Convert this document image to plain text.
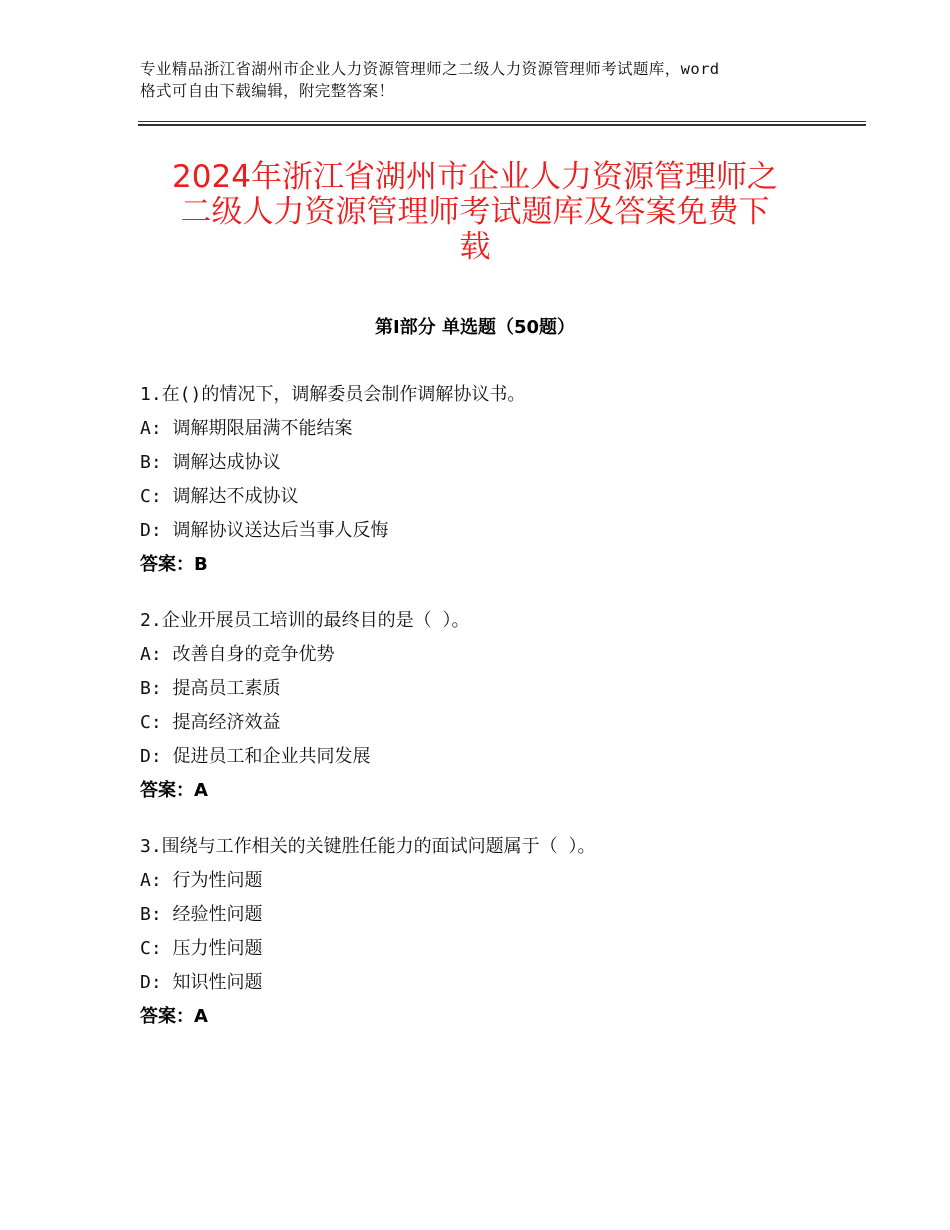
专业精品浙江省湖州市企业人力资源管理师之二级人力资源管理师考试题库，word
格式可自由下载编辑，附完整答案！
2024年浙江省湖州市企业人力资源管理师之
二级人力资源管理师考试题库及答案免费下
载
第Ⅰ部分 单选题（50题）
1.在()的情况下，调解委员会制作调解协议书。
A: 调解期限届满不能结案
B: 调解达成协议
C: 调解达不成协议
D: 调解协议送达后当事人反悔
答案：B
2.企业开展员工培训的最终目的是（ ）。
A: 改善自身的竞争优势
B: 提高员工素质
C: 提高经济效益
D: 促进员工和企业共同发展
答案：A
3.围绕与工作相关的关键胜任能力的面试问题属于（ ）。
A: 行为性问题
B: 经验性问题
C: 压力性问题
D: 知识性问题
答案：A
